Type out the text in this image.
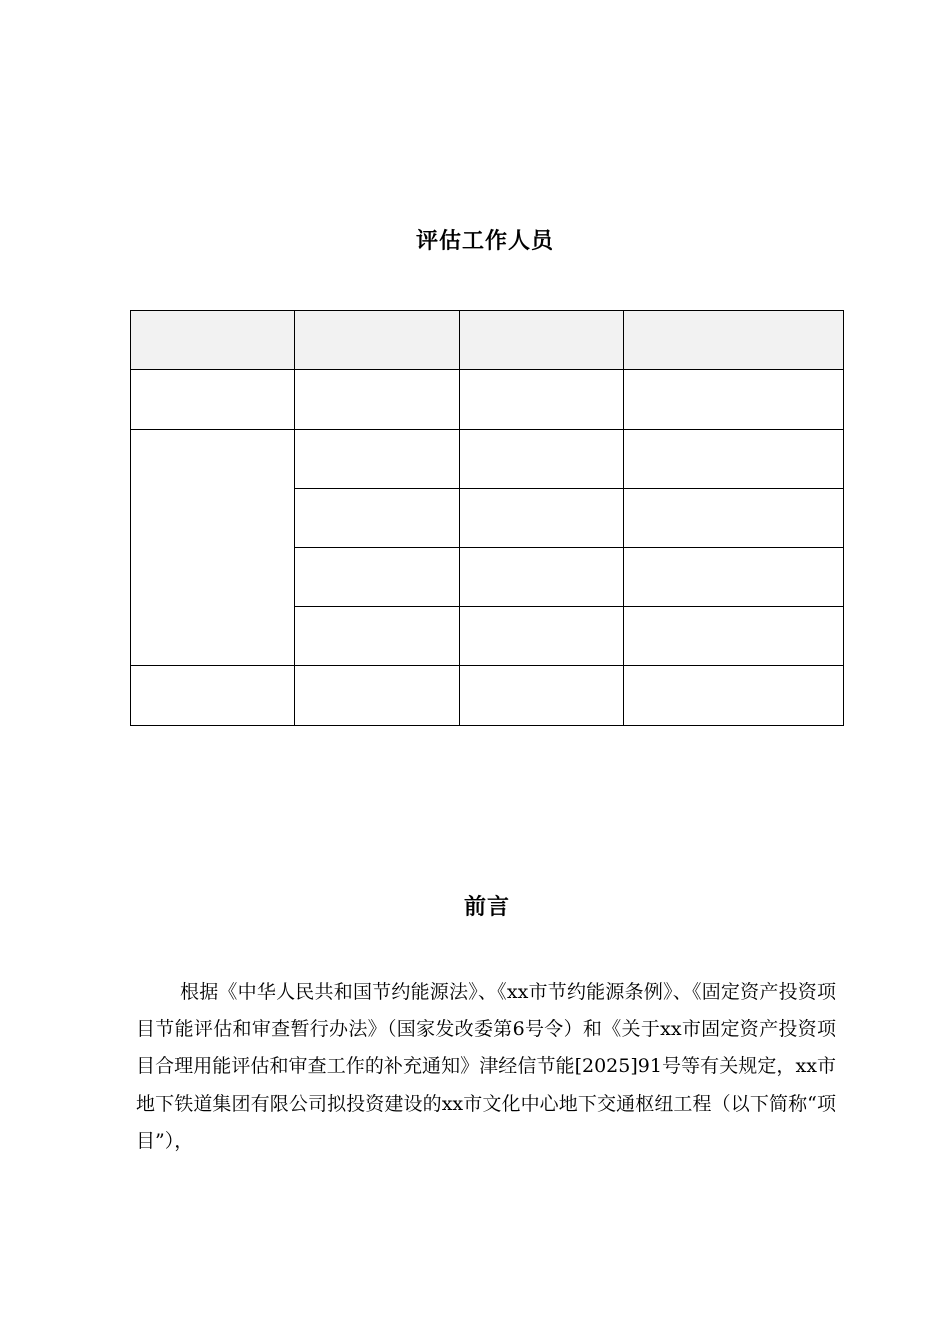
评估工作人员

前言

根据《中华人民共和国节约能源法》、《xx市节约能源条例》、《固定资产投资项目节能评估和审查暂行办法》（国家发改委第6号令）和《关于xx市固定资产投资项目合理用能评估和审查工作的补充通知》津经信节能[2025]91号等有关规定，xx市地下铁道集团有限公司拟投资建设的xx市文化中心地下交通枢纽工程（以下简称“项目”），
